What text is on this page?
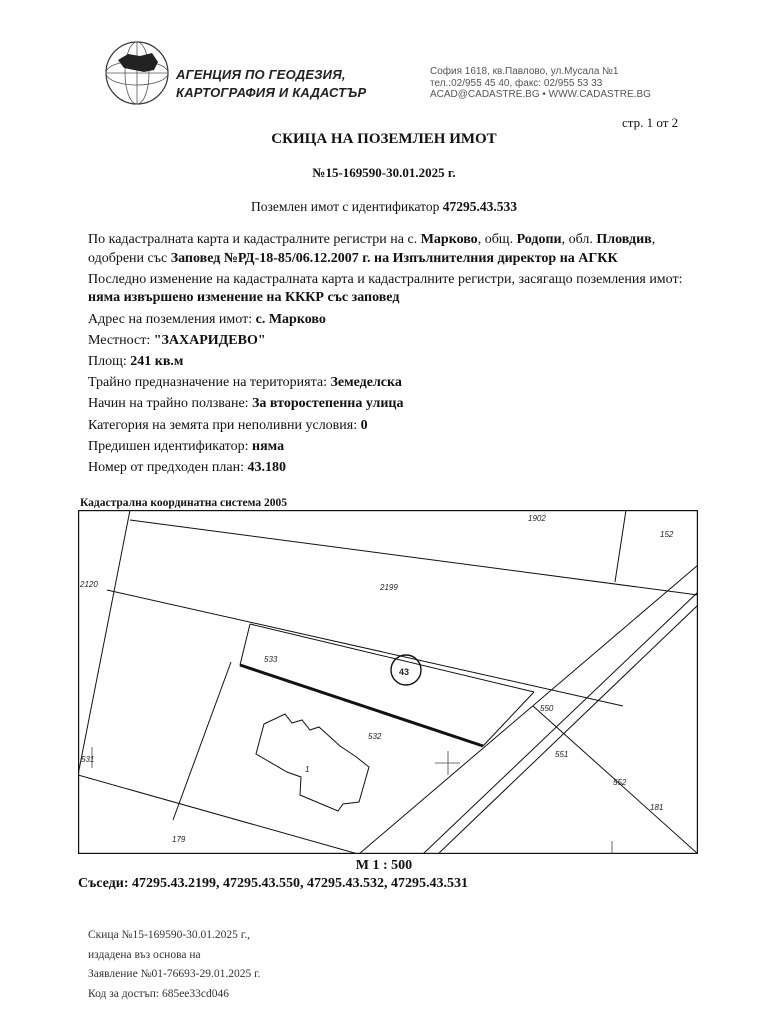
АГЕНЦИЯ ПО ГЕОДЕЗИЯ,
КАРТОГРАФИЯ И КАДАСТЪР
София 1618, кв.Павлово, ул.Мусала №1
тел.:02/955 45 40, факс: 02/955 53 33
ACAD@CADASTRE.BG • WWW.CADASTRE.BG
стр. 1 от 2
СКИЦА НА ПОЗЕМЛЕН ИМОТ
№15-169590-30.01.2025 г.
Поземлен имот с идентификатор 47295.43.533

По кадастралната карта и кадастралните регистри на с. Марково, общ. Родопи, обл. Пловдив, одобрени със Заповед №РД-18-85/06.12.2007 г. на Изпълнителния директор на АГКК

Последно изменение на кадастралната карта и кадастралните регистри, засягащо поземления имот: няма извършено изменение на КККР със заповед

Адрес на поземления имот: с. Марково

Местност: "ЗАХАРИДЕВО"

Площ: 241 кв.м

Трайно предназначение на територията: Земеделска

Начин на трайно ползване: За второстепенна улица

Категория на земята при неполивни условия: 0

Предишен идентификатор: няма

Номер от предходен план: 43.180

Кадастрална координатна система 2005
1902
152
2120	2199
533
43
550
532
531
1
551
552
181
179
М 1 : 500
Съседи: 47295.43.2199, 47295.43.550, 47295.43.532, 47295.43.531

Скица №15-169590-30.01.2025 г.,

издадена въз основа на

Заявление №01-76693-29.01.2025 г.

Код за достъп: 685ee33cd046
